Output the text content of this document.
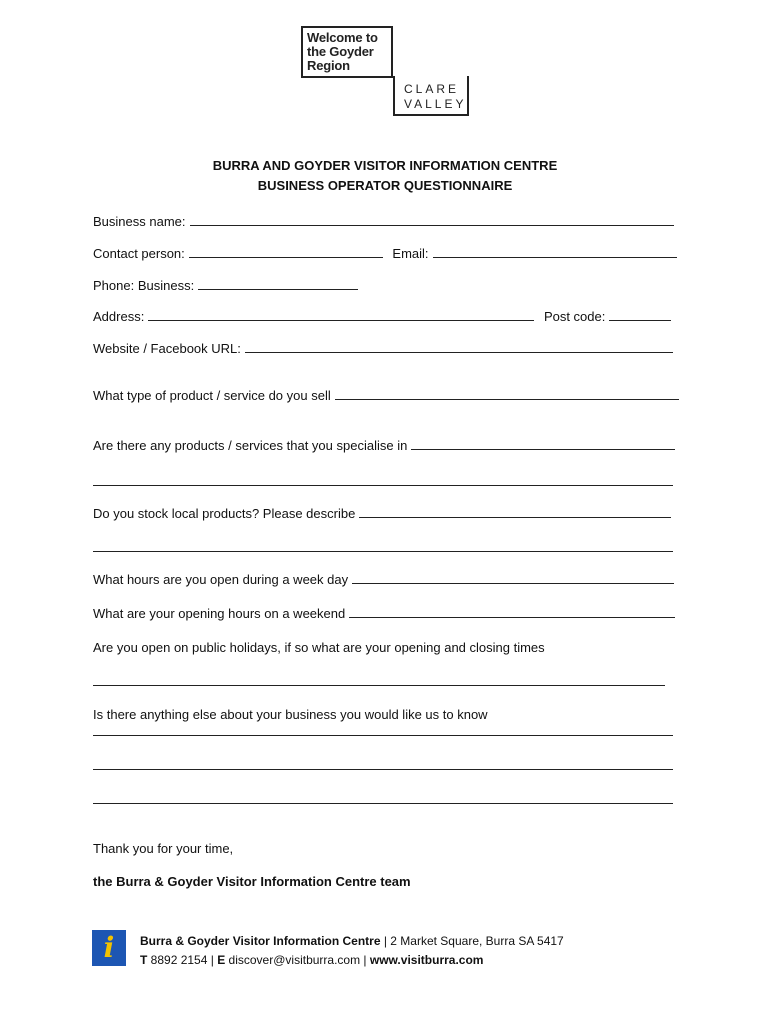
Welcome to
the Goyder
Region
CLARE
VALLEY
BURRA AND GOYDER VISITOR INFORMATION CENTRE
BUSINESS OPERATOR QUESTIONNAIRE
Business name:
Contact person:	Email:
Phone: Business:
Address:	Post code:
Website / Facebook URL:
What type of product / service do you sell
Are there any products / services that you specialise in
Do you stock local products? Please describe
What hours are you open during a week day
What are your opening hours on a weekend
Are you open on public holidays, if so what are your opening and closing times
Is there anything else about your business you would like us to know
Thank you for your time,
the Burra & Goyder Visitor Information Centre team
i	Burra & Goyder Visitor Information Centre | 2 Market Square, Burra SA 5417
T 8892 2154 | E discover@visitburra.com | www.visitburra.com
